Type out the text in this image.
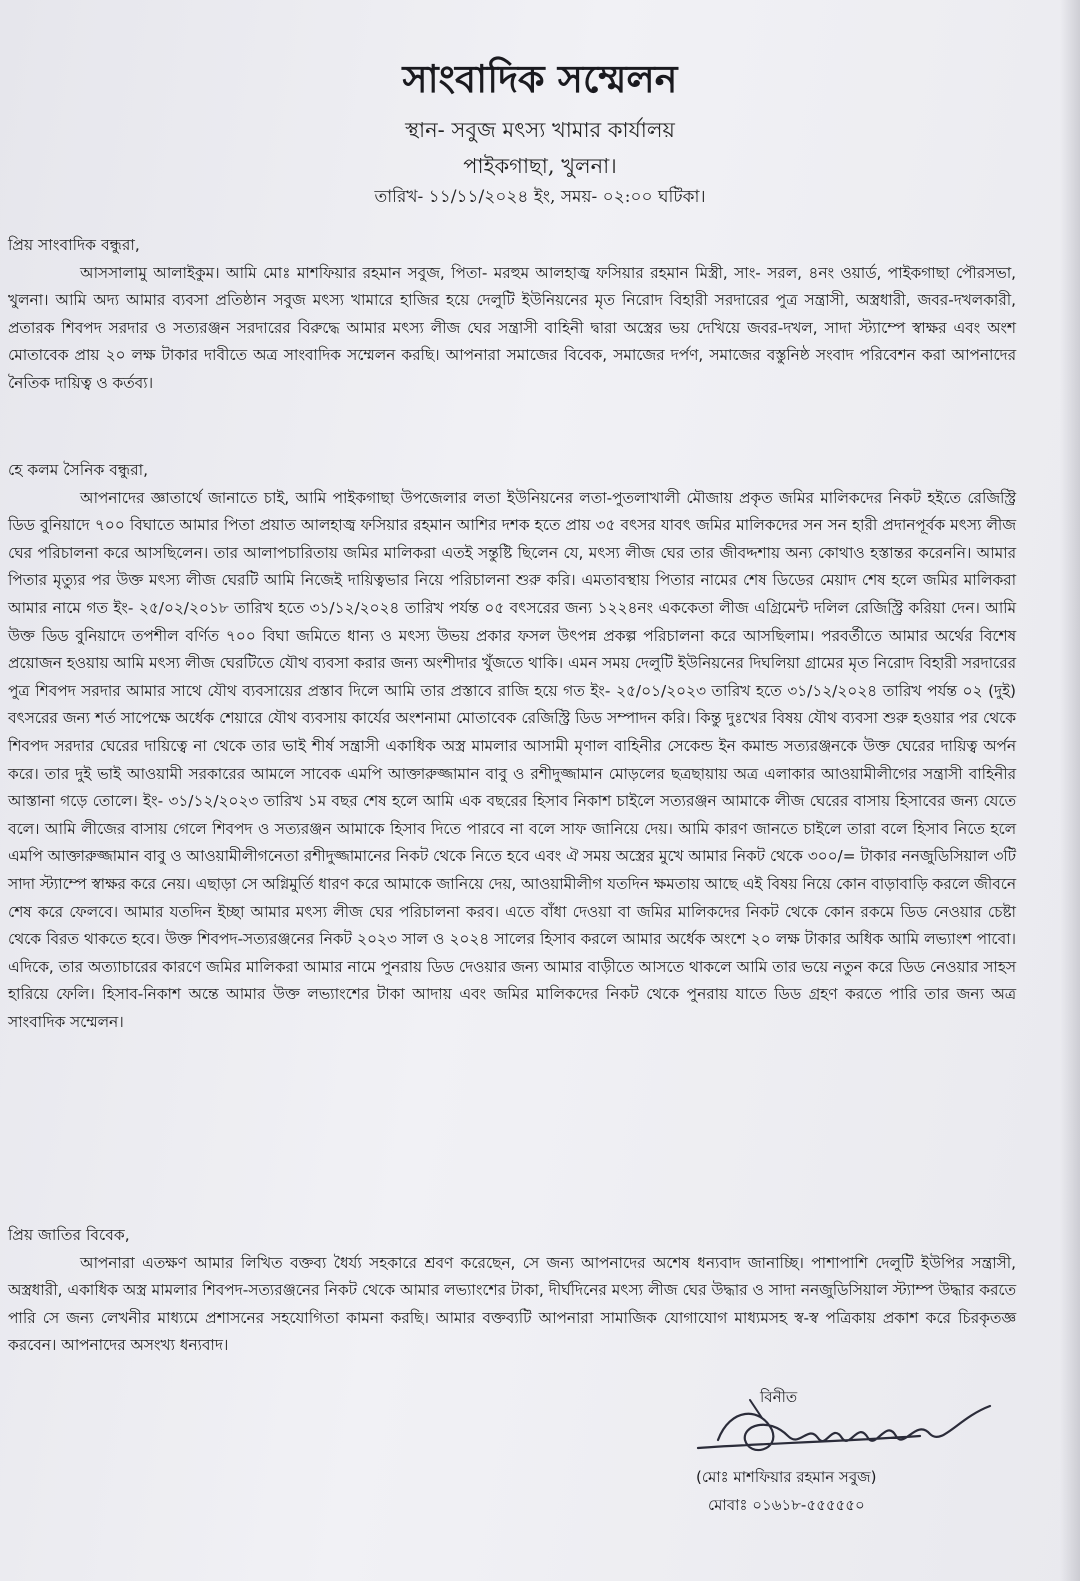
সাংবাদিক সম্মেলন
স্থান- সবুজ মৎস্য খামার কার্যালয়
পাইকগাছা, খুলনা।
তারিখ- ১১/১১/২০২৪ ইং, সময়- ০২:০০ ঘটিকা।

প্রিয় সাংবাদিক বন্ধুরা,

আসসালামু আলাইকুম। আমি মোঃ মাশফিয়ার রহমান সবুজ, পিতা- মরহুম আলহাজ্ব ফসিয়ার রহমান মিস্ত্রী, সাং- সরল, ৪নং ওয়ার্ড, পাইকগাছা পৌরসভা, খুলনা। আমি অদ্য আমার ব্যবসা প্রতিষ্ঠান সবুজ মৎস্য খামারে হাজির হয়ে দেলুটি ইউনিয়নের মৃত নিরোদ বিহারী সরদারের পুত্র সন্ত্রাসী, অস্ত্রধারী, জবর-দখলকারী, প্রতারক শিবপদ সরদার ও সত্যরঞ্জন সরদারের বিরুদ্ধে আমার মৎস্য লীজ ঘের সন্ত্রাসী বাহিনী দ্বারা অস্ত্রের ভয় দেখিয়ে জবর-দখল, সাদা স্ট্যাম্পে স্বাক্ষর এবং অংশ মোতাবেক প্রায় ২০ লক্ষ টাকার দাবীতে অত্র সাংবাদিক সম্মেলন করছি। আপনারা সমাজের বিবেক, সমাজের দর্পণ, সমাজের বস্তুনিষ্ঠ সংবাদ পরিবেশন করা আপনাদের নৈতিক দায়িত্ব ও কর্তব্য।

হে কলম সৈনিক বন্ধুরা,

আপনাদের জ্ঞাতার্থে জানাতে চাই, আমি পাইকগাছা উপজেলার লতা ইউনিয়নের লতা-পুতলাখালী মৌজায় প্রকৃত জমির মালিকদের নিকট হইতে রেজিস্ট্রি ডিড বুনিয়াদে ৭০০ বিঘাতে আমার পিতা প্রয়াত আলহাজ্ব ফসিয়ার রহমান আশির দশক হতে প্রায় ৩৫ বৎসর যাবৎ জমির মালিকদের সন সন হারী প্রদানপূর্বক মৎস্য লীজ ঘের পরিচালনা করে আসছিলেন। তার আলাপচারিতায় জমির মালিকরা এতই সন্তুষ্টি ছিলেন যে, মৎস্য লীজ ঘের তার জীবদ্দশায় অন্য কোথাও হস্তান্তর করেননি। আমার পিতার মৃত্যুর পর উক্ত মৎস্য লীজ ঘেরটি আমি নিজেই দায়িত্বভার নিয়ে পরিচালনা শুরু করি। এমতাবস্থায় পিতার নামের শেষ ডিডের মেয়াদ শেষ হলে জমির মালিকরা আমার নামে গত ইং- ২৫/০২/২০১৮ তারিখ হতে ৩১/১২/২০২৪ তারিখ পর্যন্ত ০৫ বৎসরের জন্য ১২২৪নং এককেতা লীজ এগ্রিমেন্ট দলিল রেজিস্ট্রি করিয়া দেন। আমি উক্ত ডিড বুনিয়াদে তপশীল বর্ণিত ৭০০ বিঘা জমিতে ধান্য ও মৎস্য উভয় প্রকার ফসল উৎপন্ন প্রকল্প পরিচালনা করে আসছিলাম। পরবর্তীতে আমার অর্থের বিশেষ প্রয়োজন হওয়ায় আমি মৎস্য লীজ ঘেরটিতে যৌথ ব্যবসা করার জন্য অংশীদার খুঁজতে থাকি। এমন সময় দেলুটি ইউনিয়নের দিঘলিয়া গ্রামের মৃত নিরোদ বিহারী সরদারের পুত্র শিবপদ সরদার আমার সাথে যৌথ ব্যবসায়ের প্রস্তাব দিলে আমি তার প্রস্তাবে রাজি হয়ে গত ইং- ২৫/০১/২০২৩ তারিখ হতে ৩১/১২/২০২৪ তারিখ পর্যন্ত ০২ (দুই) বৎসরের জন্য শর্ত সাপেক্ষে অর্ধেক শেয়ারে যৌথ ব্যবসায় কার্যের অংশনামা মোতাবেক রেজিস্ট্রি ডিড সম্পাদন করি। কিন্তু দুঃখের বিষয় যৌথ ব্যবসা শুরু হওয়ার পর থেকে শিবপদ সরদার ঘেরের দায়িত্বে না থেকে তার ভাই শীর্ষ সন্ত্রাসী একাধিক অস্ত্র মামলার আসামী মৃণাল বাহিনীর সেকেন্ড ইন কমান্ড সত্যরঞ্জনকে উক্ত ঘেরের দায়িত্ব অর্পন করে। তার দুই ভাই আওয়ামী সরকারের আমলে সাবেক এমপি আক্তারুজ্জামান বাবু ও রশীদুজ্জামান মোড়লের ছত্রছায়ায় অত্র এলাকার আওয়ামীলীগের সন্ত্রাসী বাহিনীর আস্তানা গড়ে তোলে। ইং- ৩১/১২/২০২৩ তারিখ ১ম বছর শেষ হলে আমি এক বছরের হিসাব নিকাশ চাইলে সত্যরঞ্জন আমাকে লীজ ঘেরের বাসায় হিসাবের জন্য যেতে বলে। আমি লীজের বাসায় গেলে শিবপদ ও সত্যরঞ্জন আমাকে হিসাব দিতে পারবে না বলে সাফ জানিয়ে দেয়। আমি কারণ জানতে চাইলে তারা বলে হিসাব নিতে হলে এমপি আক্তারুজ্জামান বাবু ও আওয়ামীলীগনেতা রশীদুজ্জামানের নিকট থেকে নিতে হবে এবং ঐ সময় অস্ত্রের মুখে আমার নিকট থেকে ৩০০/= টাকার ননজুডিসিয়াল ৩টি সাদা স্ট্যাম্পে স্বাক্ষর করে নেয়। এছাড়া সে অগ্নিমুর্তি ধারণ করে আমাকে জানিয়ে দেয়, আওয়ামীলীগ যতদিন ক্ষমতায় আছে এই বিষয় নিয়ে কোন বাড়াবাড়ি করলে জীবনে শেষ করে ফেলবে। আমার যতদিন ইচ্ছা আমার মৎস্য লীজ ঘের পরিচালনা করব। এতে বাঁধা দেওয়া বা জমির মালিকদের নিকট থেকে কোন রকমে ডিড নেওয়ার চেষ্টা থেকে বিরত থাকতে হবে। উক্ত শিবপদ-সত্যরঞ্জনের নিকট ২০২৩ সাল ও ২০২৪ সালের হিসাব করলে আমার অর্ধেক অংশে ২০ লক্ষ টাকার অধিক আমি লভ্যাংশ পাবো। এদিকে, তার অত্যাচারের কারণে জমির মালিকরা আমার নামে পুনরায় ডিড দেওয়ার জন্য আমার বাড়ীতে আসতে থাকলে আমি তার ভয়ে নতুন করে ডিড নেওয়ার সাহস হারিয়ে ফেলি। হিসাব-নিকাশ অন্তে আমার উক্ত লভ্যাংশের টাকা আদায় এবং জমির মালিকদের নিকট থেকে পুনরায় যাতে ডিড গ্রহণ করতে পারি তার জন্য অত্র সাংবাদিক সম্মেলন।

প্রিয় জাতির বিবেক,

আপনারা এতক্ষণ আমার লিখিত বক্তব্য ধৈর্য্য সহকারে শ্রবণ করেছেন, সে জন্য আপনাদের অশেষ ধন্যবাদ জানাচ্ছি। পাশাপাশি দেলুটি ইউপির সন্ত্রাসী, অস্ত্রধারী, একাধিক অস্ত্র মামলার শিবপদ-সত্যরঞ্জনের নিকট থেকে আমার লভ্যাংশের টাকা, দীর্ঘদিনের মৎস্য লীজ ঘের উদ্ধার ও সাদা ননজুডিসিয়াল স্ট্যাম্প উদ্ধার করতে পারি সে জন্য লেখনীর মাধ্যমে প্রশাসনের সহযোগিতা কামনা করছি। আমার বক্তব্যটি আপনারা সামাজিক যোগাযোগ মাধ্যমসহ স্ব-স্ব পত্রিকায় প্রকাশ করে চিরকৃতজ্ঞ করবেন। আপনাদের অসংখ্য ধন্যবাদ।

বিনীত
(মোঃ মাশফিয়ার রহমান সবুজ)
মোবাঃ ০১৬১৮-৫৫৫৫৫০
